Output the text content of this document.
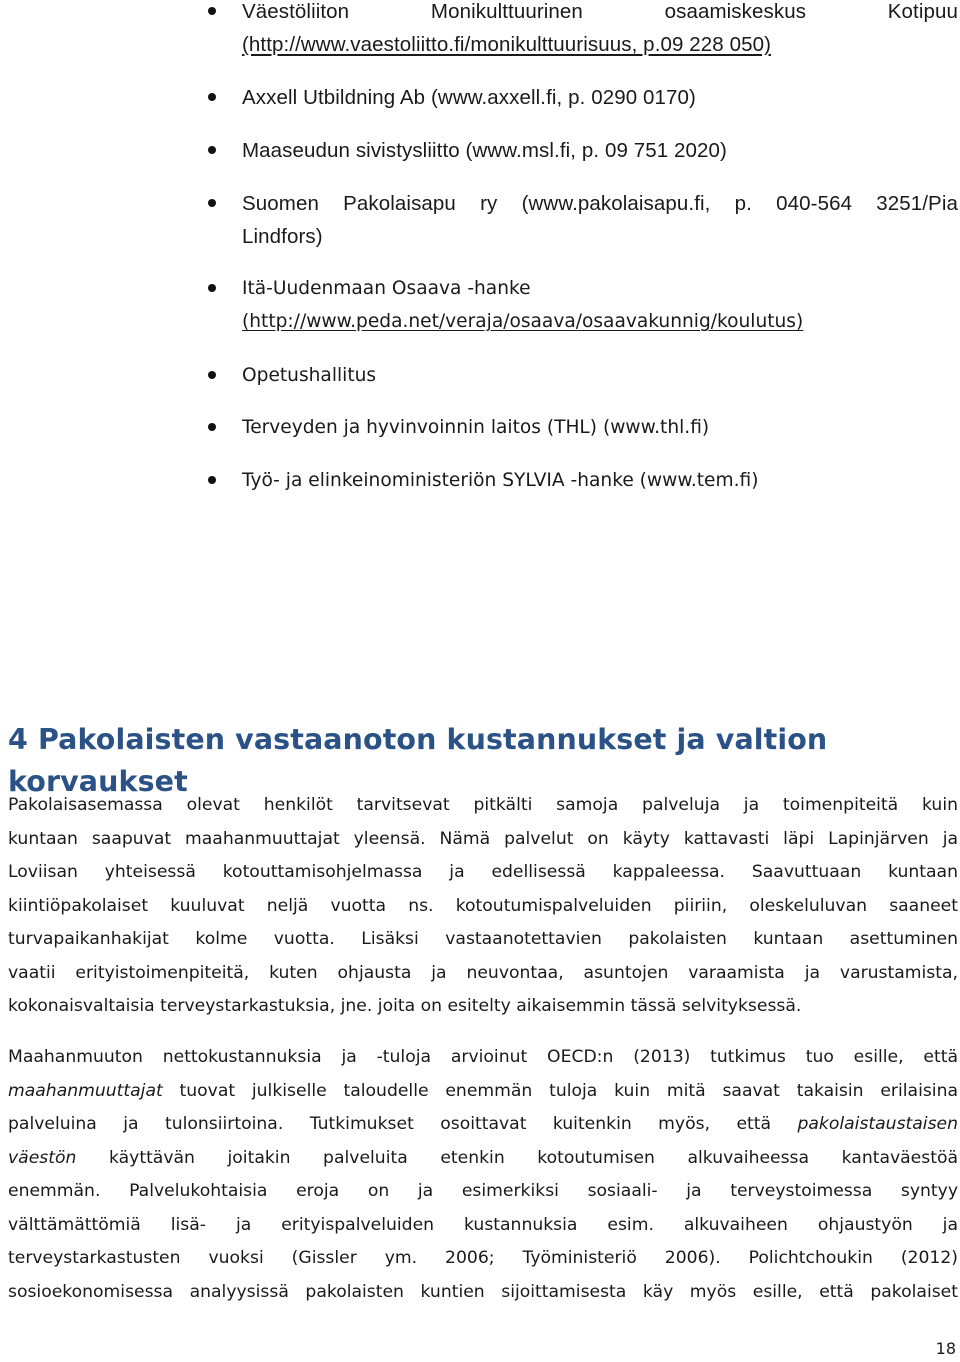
Väestöliiton Monikulttuurinen osaamiskeskus Kotipuu
(http://www.vaestoliitto.fi/monikulttuurisuus, p.09 228 050)
Axxell Utbildning Ab (www.axxell.fi, p. 0290 0170)
Maaseudun sivistysliitto (www.msl.fi, p. 09 751 2020)
Suomen Pakolaisapu ry (www.pakolaisapu.fi, p. 040-564 3251/Pia
Lindfors)
Itä-Uudenmaan Osaava -hanke
(http://www.peda.net/veraja/osaava/osaavakunnig/koulutus)
Opetushallitus
Terveyden ja hyvinvoinnin laitos (THL) (www.thl.fi)
Työ- ja elinkeinoministeriön SYLVIA -hanke (www.tem.fi)
4 Pakolaisten vastaanoton kustannukset ja valtion korvaukset
Pakolaisasemassa olevat henkilöt tarvitsevat pitkälti samoja palveluja ja toimenpiteitä kuin
kuntaan saapuvat maahanmuuttajat yleensä. Nämä palvelut on käyty kattavasti läpi Lapinjärven ja
Loviisan yhteisessä kotouttamisohjelmassa ja edellisessä kappaleessa. Saavuttuaan kuntaan
kiintiöpakolaiset kuuluvat neljä vuotta ns. kotoutumispalveluiden piiriin, oleskeluluvan saaneet
turvapaikanhakijat kolme vuotta. Lisäksi vastaanotettavien pakolaisten kuntaan asettuminen
vaatii erityistoimenpiteitä, kuten ohjausta ja neuvontaa, asuntojen varaamista ja varustamista,
kokonaisvaltaisia terveystarkastuksia, jne. joita on esitelty aikaisemmin tässä selvityksessä.
Maahanmuuton nettokustannuksia ja -tuloja arvioinut OECD:n (2013) tutkimus tuo esille, että
maahanmuuttajat tuovat julkiselle taloudelle enemmän tuloja kuin mitä saavat takaisin erilaisina
palveluina ja tulonsiirtoina. Tutkimukset osoittavat kuitenkin myös, että pakolaistaustaisen
väestön käyttävän joitakin palveluita etenkin kotoutumisen alkuvaiheessa kantaväestöä
enemmän. Palvelukohtaisia eroja on ja esimerkiksi sosiaali- ja terveystoimessa syntyy
välttämättömiä lisä- ja erityispalveluiden kustannuksia esim. alkuvaiheen ohjaustyön ja
terveystarkastusten vuoksi (Gissler ym. 2006; Työministeriö 2006). Polichtchoukin (2012)
sosioekonomisessa analyysissä pakolaisten kuntien sijoittamisesta käy myös esille, että pakolaiset
18
